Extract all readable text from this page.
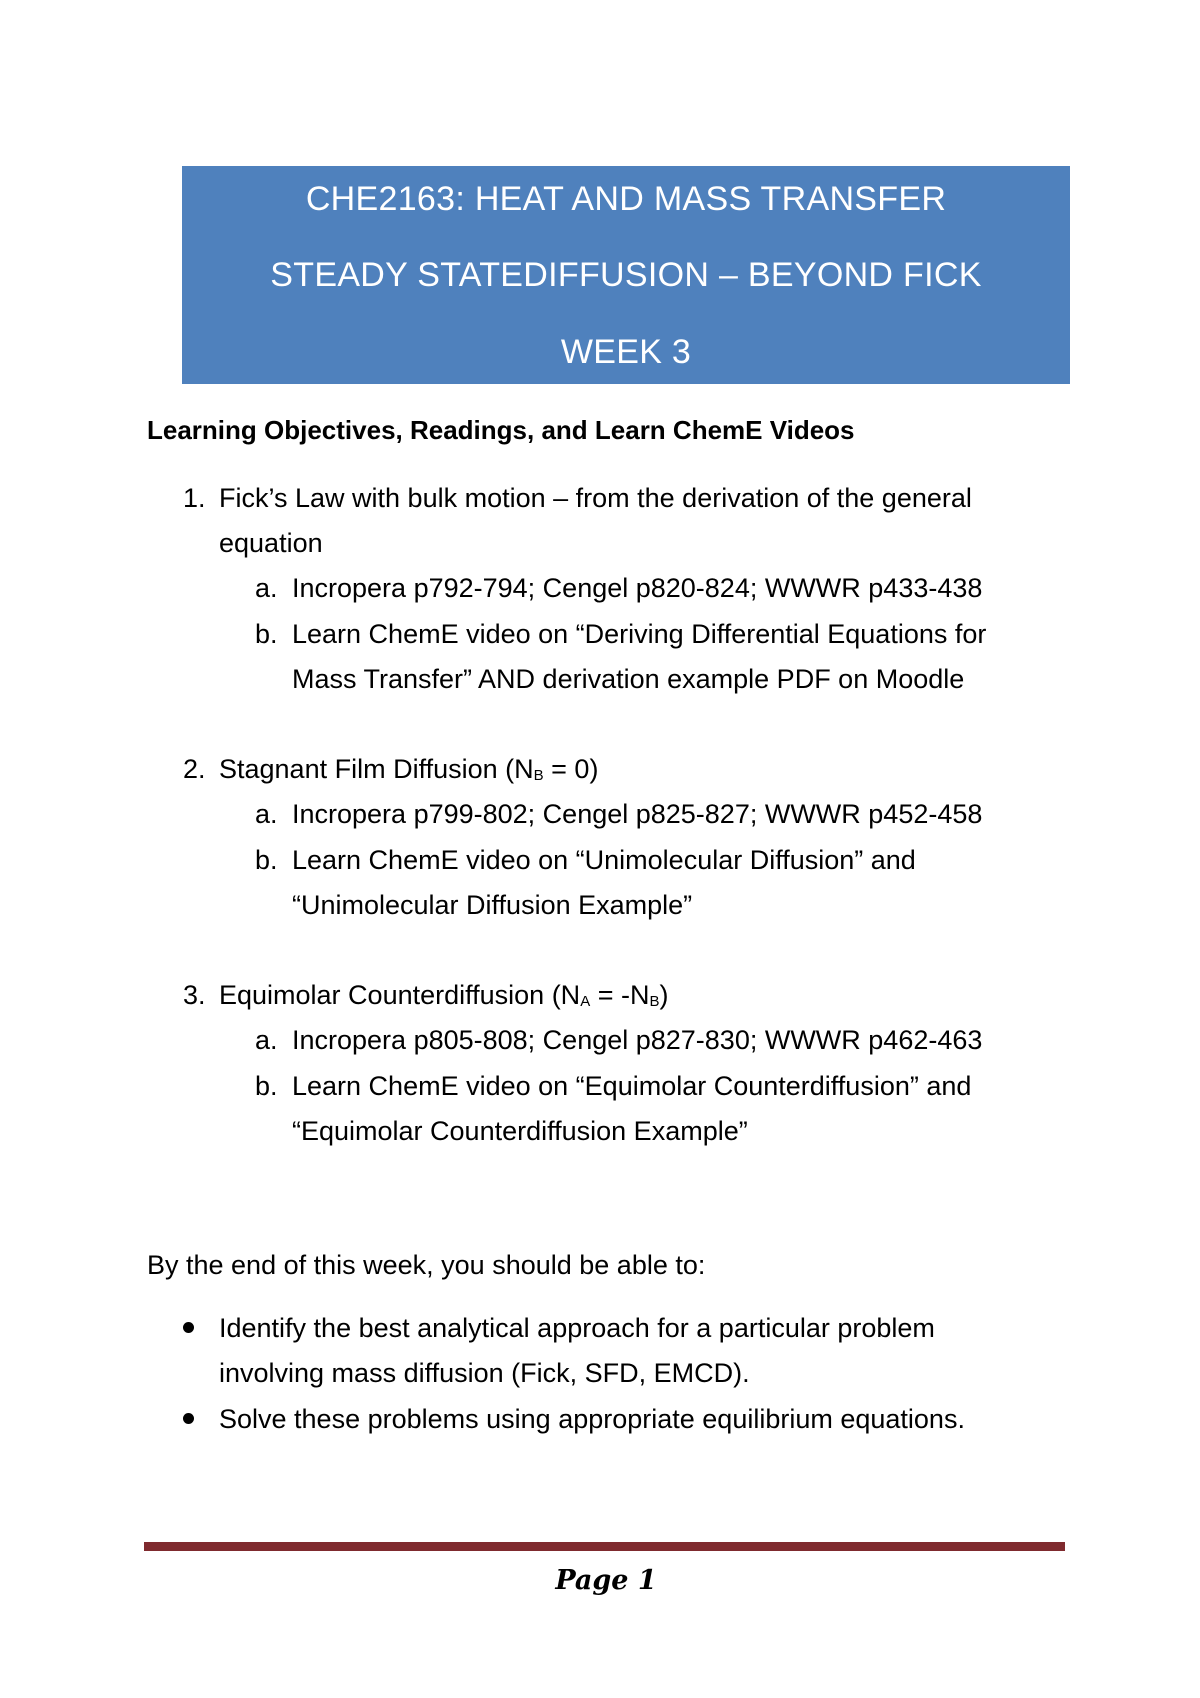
CHE2163: HEAT AND MASS TRANSFER
STEADY STATEDIFFUSION – BEYOND FICK
WEEK 3
Learning Objectives, Readings, and Learn ChemE Videos
1. Fick’s Law with bulk motion – from the derivation of the general
equation
a. Incropera p792-794; Cengel p820-824; WWWR p433-438
b. Learn ChemE video on “Deriving Differential Equations for
Mass Transfer” AND derivation example PDF on Moodle
2. Stagnant Film Diffusion $(N_B = 0)$
a. Incropera p799-802; Cengel p825-827; WWWR p452-458
b. Learn ChemE video on “Unimolecular Diffusion” and
“Unimolecular Diffusion Example”
3. Equimolar Counterdiffusion $(N_A = -N_B)$
a. Incropera p805-808; Cengel p827-830; WWWR p462-463
b. Learn ChemE video on “Equimolar Counterdiffusion” and
“Equimolar Counterdiffusion Example”
By the end of this week, you should be able to:
Identify the best analytical approach for a particular problem
involving mass diffusion (Fick, SFD, EMCD).
Solve these problems using appropriate equilibrium equations.
Page 1
